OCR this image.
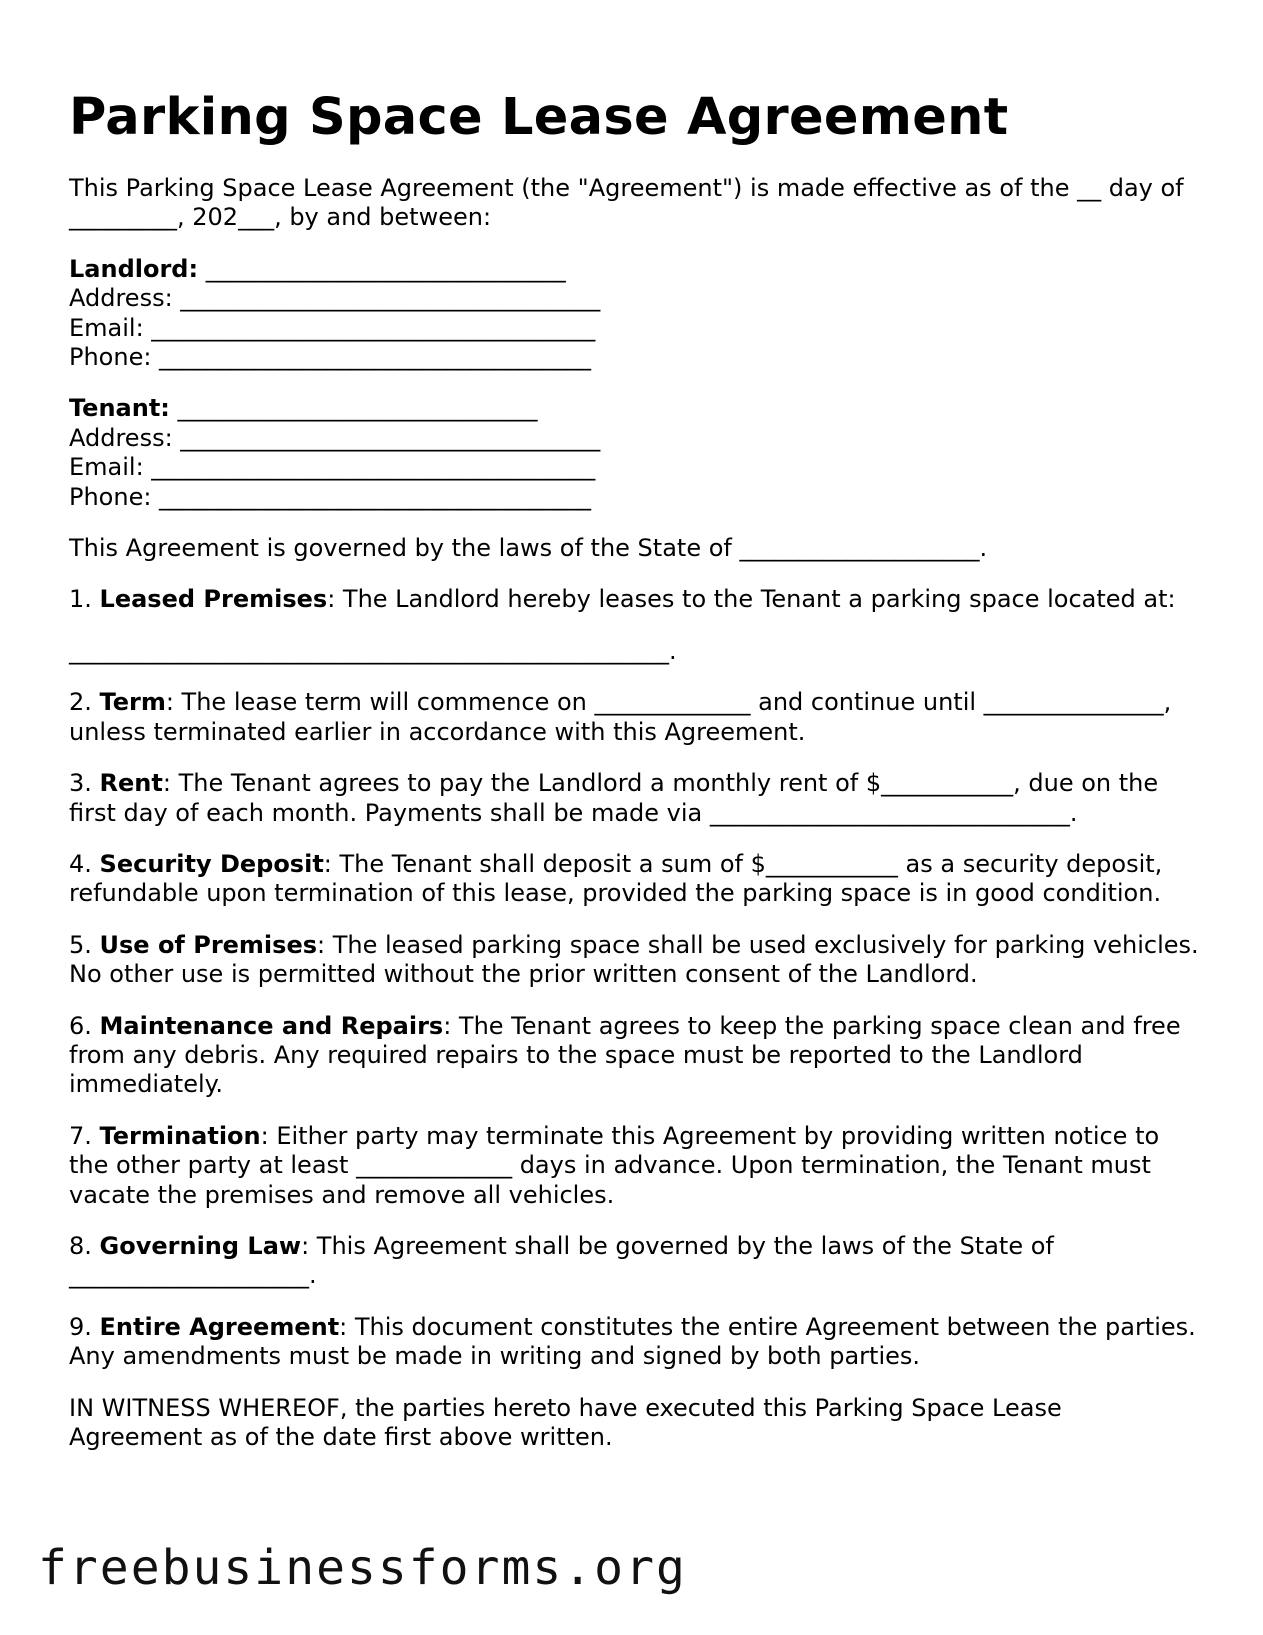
Parking Space Lease Agreement

This Parking Space Lease Agreement (the "Agreement") is made effective as of the __ day of _________, 202___, by and between:

Landlord: ______________________________
Address: ___________________________________
Email: _____________________________________
Phone: ____________________________________
Tenant: ______________________________
Address: ___________________________________
Email: _____________________________________
Phone: ____________________________________

This Agreement is governed by the laws of the State of ____________________.

1. Leased Premises: The Landlord hereby leases to the Tenant a parking space located at:

__________________________________________________.

2. Term: The lease term will commence on _____________ and continue until _______________, unless terminated earlier in accordance with this Agreement.

3. Rent: The Tenant agrees to pay the Landlord a monthly rent of $___________, due on the first day of each month. Payments shall be made via ______________________________.

4. Security Deposit: The Tenant shall deposit a sum of $___________ as a security deposit, refundable upon termination of this lease, provided the parking space is in good condition.

5. Use of Premises: The leased parking space shall be used exclusively for parking vehicles. No other use is permitted without the prior written consent of the Landlord.

6. Maintenance and Repairs: The Tenant agrees to keep the parking space clean and free from any debris. Any required repairs to the space must be reported to the Landlord immediately.

7. Termination: Either party may terminate this Agreement by providing written notice to the other party at least _____________ days in advance. Upon termination, the Tenant must vacate the premises and remove all vehicles.

8. Governing Law: This Agreement shall be governed by the laws of the State of ____________________.

9. Entire Agreement: This document constitutes the entire Agreement between the parties. Any amendments must be made in writing and signed by both parties.

IN WITNESS WHEREOF, the parties hereto have executed this Parking Space Lease Agreement as of the date first above written.

freebusinessforms.org
